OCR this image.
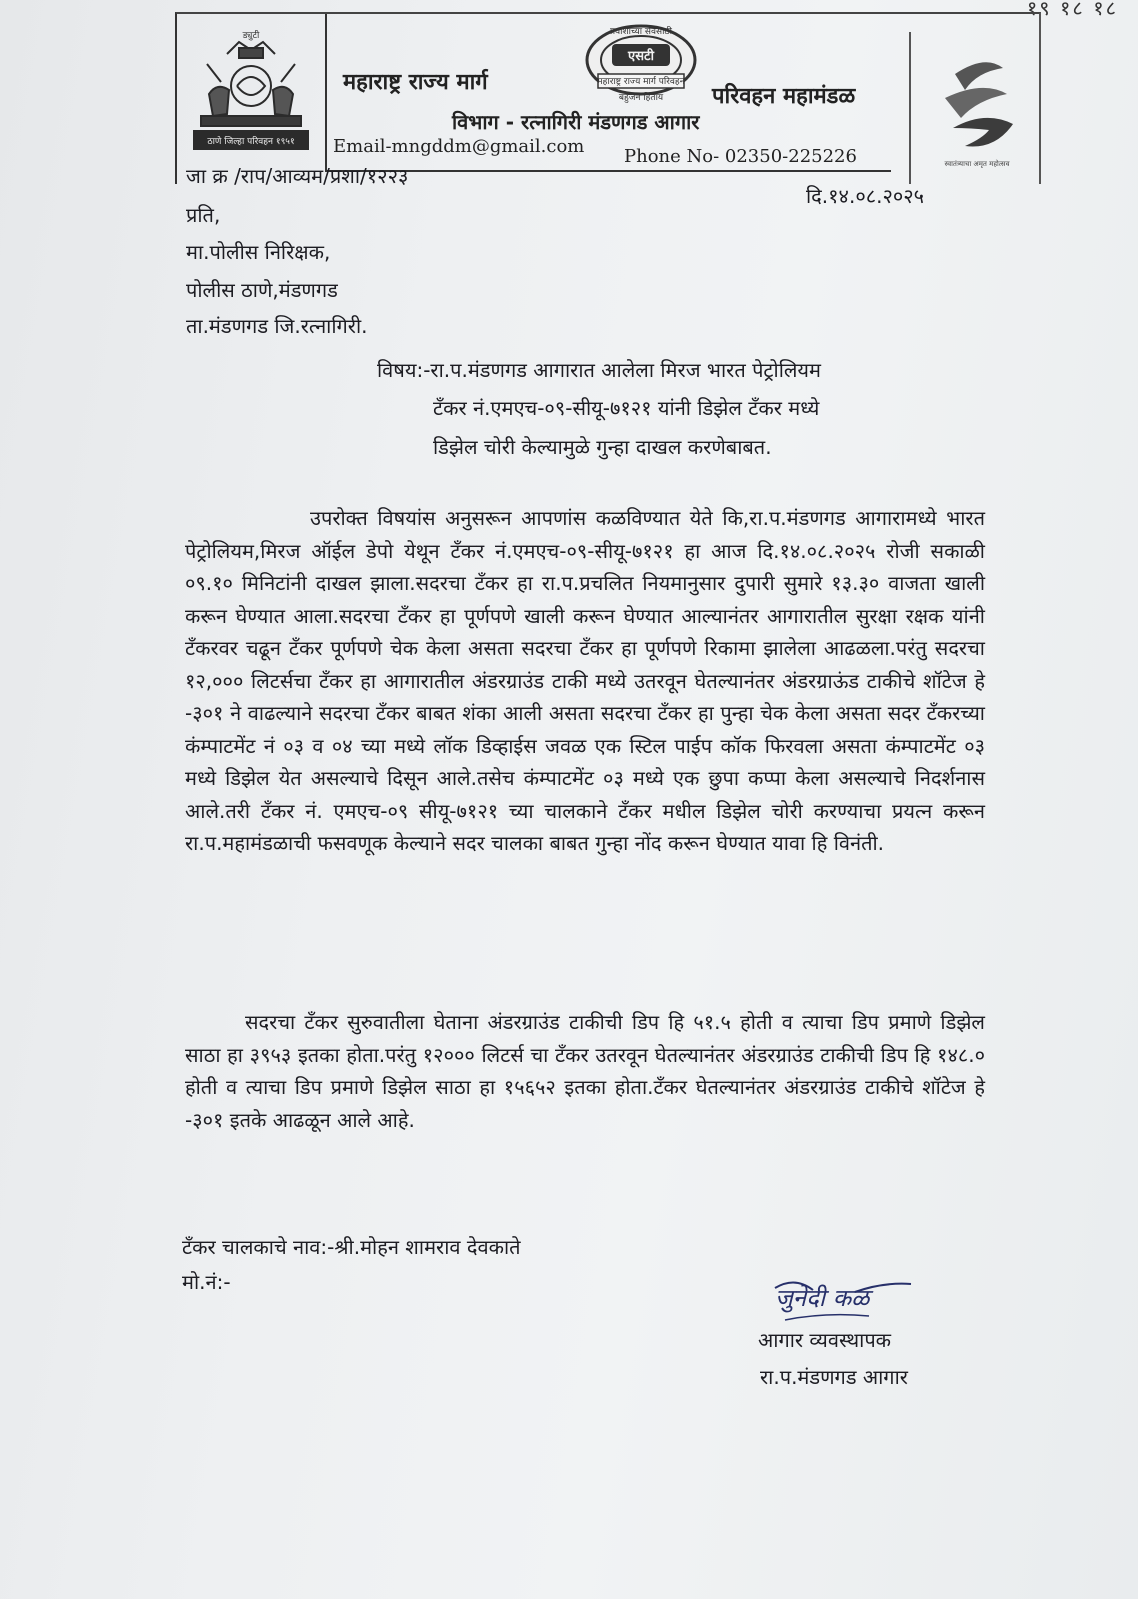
१९ १८ १८
ठाणे जिल्हा परिवहन १९५१
ड्युटी
एसटी
प्रवाशांच्या सेवेसाठी
महाराष्ट्र राज्य मार्ग परिवहन
बहुजन हिताय
महाराष्ट्र राज्य मार्ग
परिवहन महामंडळ
विभाग - रत्नागिरी मंडणगड आगार
Email-mngddm@gmail.com Phone No- 02350-225226	स्वातंत्र्याचा अमृत महोत्सव
जा क्र /राप/आव्यम/प्रशा/१२२३
दि.१४.०८.२०२५
प्रति,
मा.पोलीस निरिक्षक,
पोलीस ठाणे,मंडणगड
ता.मंडणगड जि.रत्नागिरी.
विषय:-रा.प.मंडणगड आगारात आलेला मिरज भारत पेट्रोलियम
टँकर नं.एमएच-०९-सीयू-७१२१ यांनी डिझेल टँकर मध्ये
डिझेल चोरी केल्यामुळे गुन्हा दाखल करणेबाबत.
उपरोक्त विषयांस अनुसरून आपणांस कळविण्यात येते कि,रा.प.मंडणगड आगारामध्ये भारत पेट्रोलियम,मिरज ऑईल डेपो येथून टँकर नं.एमएच-०९-सीयू-७१२१ हा आज दि.१४.०८.२०२५ रोजी सकाळी ०९.१० मिनिटांनी दाखल झाला.सदरचा टँकर हा रा.प.प्रचलित नियमानुसार दुपारी सुमारे १३.३० वाजता खाली करून घेण्यात आला.सदरचा टँकर हा पूर्णपणे खाली करून घेण्यात आल्यानंतर आगारातील सुरक्षा रक्षक यांनी टँकरवर चढून टँकर पूर्णपणे चेक केला असता सदरचा टँकर हा पूर्णपणे रिकामा झालेला आढळला.परंतु सदरचा १२,००० लिटर्सचा टँकर हा आगारातील अंडरग्राउंड टाकी मध्ये उतरवून घेतल्यानंतर अंडरग्राऊंड टाकीचे शॉटेज हे -३०१ ने वाढल्याने सदरचा टँकर बाबत शंका आली असता सदरचा टँकर हा पुन्हा चेक केला असता सदर टँकरच्या कंम्पाटमेंट नं ०३ व ०४ च्या मध्ये लॉक डिव्हाईस जवळ एक स्टिल पाईप कॉक फिरवला असता कंम्पाटमेंट ०३ मध्ये डिझेल येत असल्याचे दिसून आले.तसेच कंम्पाटमेंट ०३ मध्ये एक छुपा कप्पा केला असल्याचे निदर्शनास आले.तरी टँकर नं. एमएच-०९ सीयू-७१२१ च्या चालकाने टँकर मधील डिझेल चोरी करण्याचा प्रयत्न करून रा.प.महामंडळाची फसवणूक केल्याने सदर चालका बाबत गुन्हा नोंद करून घेण्यात यावा हि विनंती.
सदरचा टँकर सुरुवातीला घेताना अंडरग्राउंड टाकीची डिप हि ५१.५ होती व त्याचा डिप प्रमाणे डिझेल साठा हा ३९५३ इतका होता.परंतु १२००० लिटर्स चा टँकर उतरवून घेतल्यानंतर अंडरग्राउंड टाकीची डिप हि १४८.० होती व त्याचा डिप प्रमाणे डिझेल साठा हा १५६५२ इतका होता.टँकर घेतल्यानंतर अंडरग्राउंड टाकीचे शॉटेज हे -३०१ इतके आढळून आले आहे.
टँकर चालकाचे नाव:-श्री.मोहन शामराव देवकाते
मो.नं:-
जुनेदी कळ
आगार व्यवस्थापक
रा.प.मंडणगड आगार
